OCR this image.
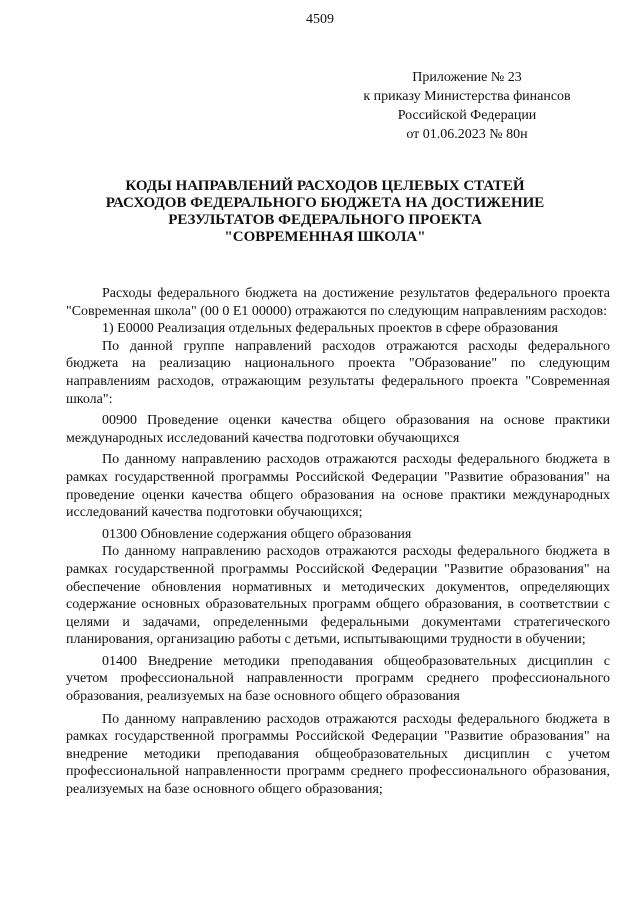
4509
Приложение № 23
к приказу Министерства финансов
Российской Федерации
от 01.06.2023 № 80н
КОДЫ НАПРАВЛЕНИЙ РАСХОДОВ ЦЕЛЕВЫХ СТАТЕЙ
РАСХОДОВ ФЕДЕРАЛЬНОГО БЮДЖЕТА НА ДОСТИЖЕНИЕ
РЕЗУЛЬТАТОВ ФЕДЕРАЛЬНОГО ПРОЕКТА
"СОВРЕМЕННАЯ ШКОЛА"

Расходы федерального бюджета на достижение результатов федерального проекта "Современная школа" (00 0 Е1 00000) отражаются по следующим направлениям расходов:

1) Е0000 Реализация отдельных федеральных проектов в сфере образования

По данной группе направлений расходов отражаются расходы федерального бюджета на реализацию национального проекта "Образование" по следующим направлениям расходов, отражающим результаты федерального проекта "Современная школа":

00900 Проведение оценки качества общего образования на основе практики международных исследований качества подготовки обучающихся

По данному направлению расходов отражаются расходы федерального бюджета в рамках государственной программы Российской Федерации "Развитие образования" на проведение оценки качества общего образования на основе практики международных исследований качества подготовки обучающихся;

01300 Обновление содержания общего образования

По данному направлению расходов отражаются расходы федерального бюджета в рамках государственной программы Российской Федерации "Развитие образования" на обеспечение обновления нормативных и методических документов, определяющих содержание основных образовательных программ общего образования, в соответствии с целями и задачами, определенными федеральными документами стратегического планирования, организацию работы с детьми, испытывающими трудности в обучении;

01400 Внедрение методики преподавания общеобразовательных дисциплин с учетом профессиональной направленности программ среднего профессионального образования, реализуемых на базе основного общего образования

По данному направлению расходов отражаются расходы федерального бюджета в рамках государственной программы Российской Федерации "Развитие образования" на внедрение методики преподавания общеобразовательных дисциплин с учетом профессиональной направленности программ среднего профессионального образования, реализуемых на базе основного общего образования;
